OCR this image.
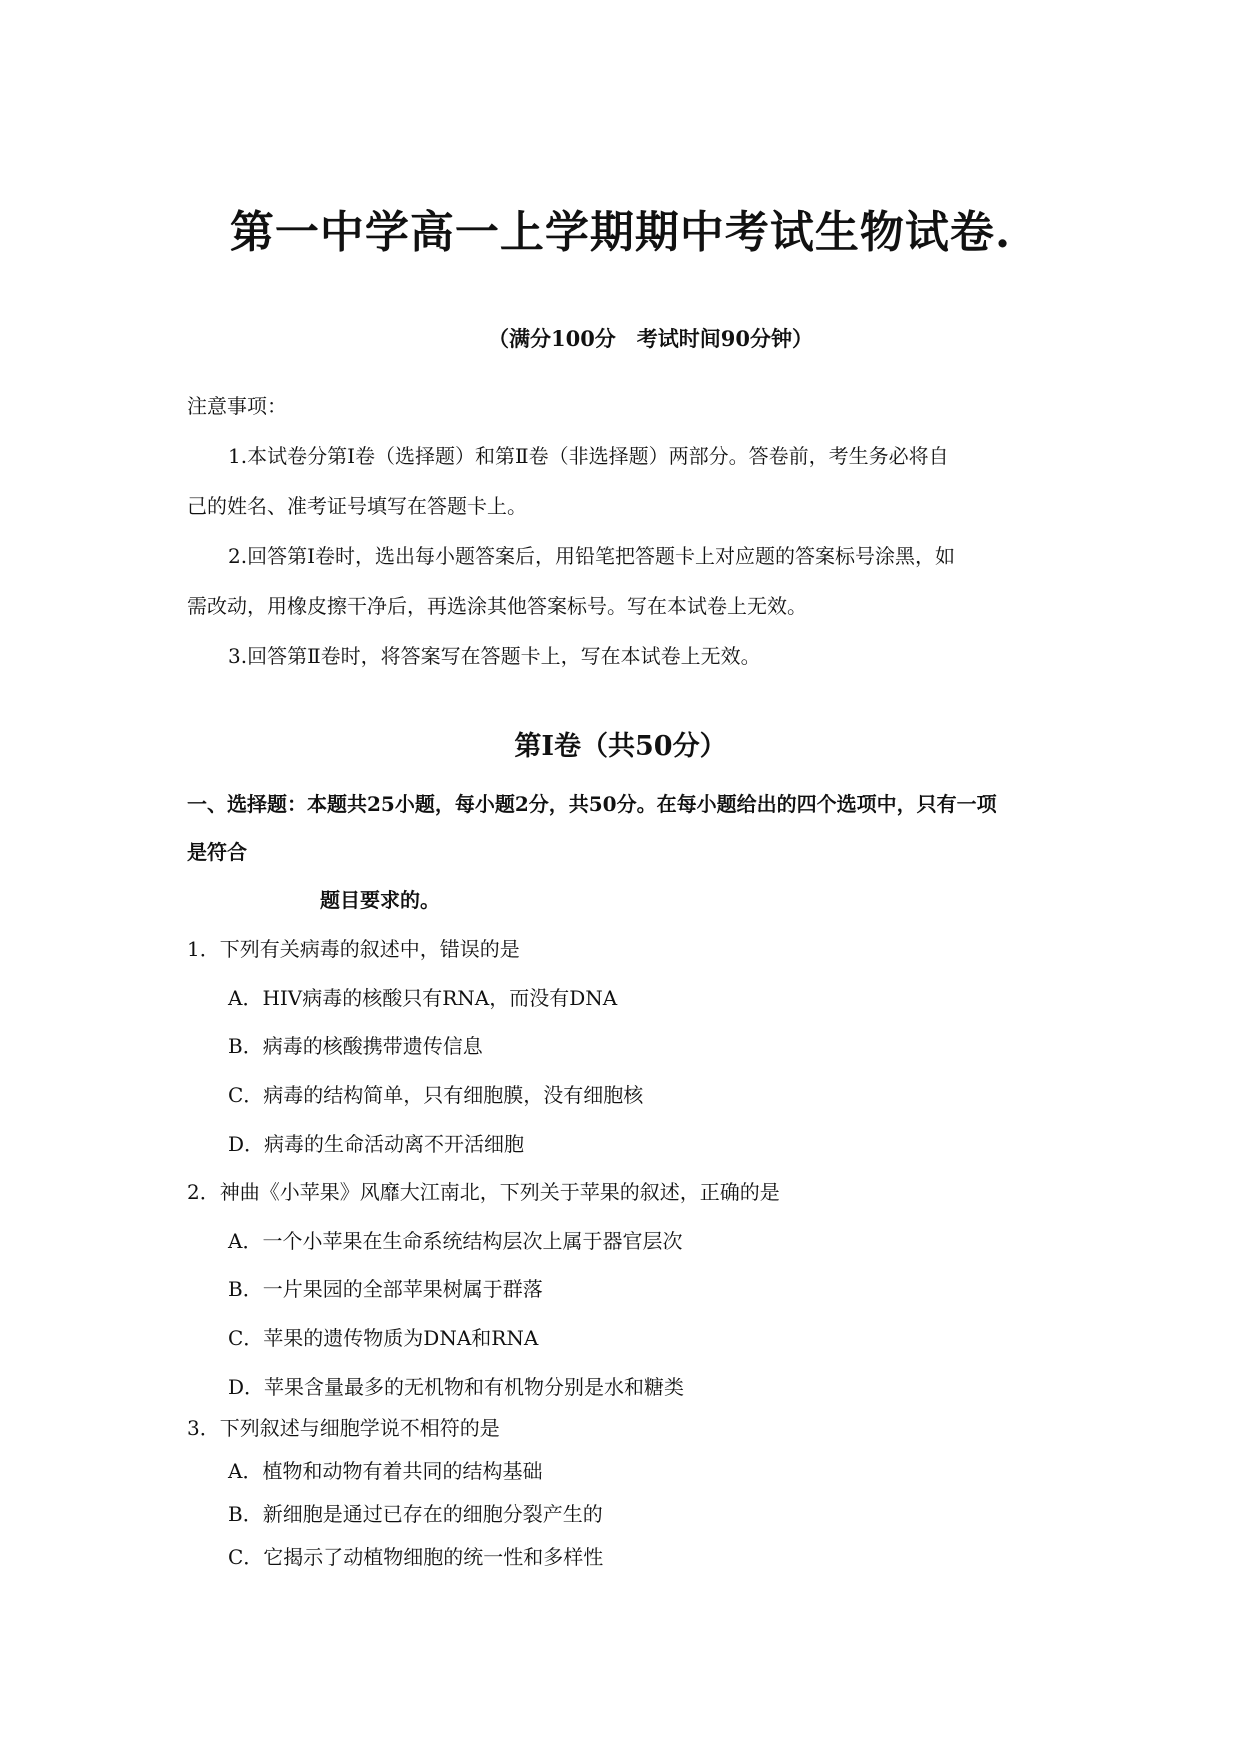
第一中学高一上学期期中考试生物试卷.
（满分100分　考试时间90分钟）
注意事项：
1.本试卷分第Ⅰ卷（选择题）和第Ⅱ卷（非选择题）两部分。答卷前，考生务必将自
己的姓名、准考证号填写在答题卡上。
2.回答第Ⅰ卷时，选出每小题答案后，用铅笔把答题卡上对应题的答案标号涂黑，如
需改动，用橡皮擦干净后，再选涂其他答案标号。写在本试卷上无效。
3.回答第Ⅱ卷时，将答案写在答题卡上，写在本试卷上无效。
第Ⅰ卷（共50分）
一、选择题：本题共25小题，每小题2分，共50分。在每小题给出的四个选项中，只有一项
是符合
题目要求的。
1．下列有关病毒的叙述中，错误的是
A．HIV病毒的核酸只有RNA，而没有DNA
B．病毒的核酸携带遗传信息
C．病毒的结构简单，只有细胞膜，没有细胞核
D．病毒的生命活动离不开活细胞
2．神曲《小苹果》风靡大江南北，下列关于苹果的叙述，正确的是
A．一个小苹果在生命系统结构层次上属于器官层次
B．一片果园的全部苹果树属于群落
C．苹果的遗传物质为DNA和RNA
D．苹果含量最多的无机物和有机物分别是水和糖类
3．下列叙述与细胞学说不相符的是
A．植物和动物有着共同的结构基础
B．新细胞是通过已存在的细胞分裂产生的
C．它揭示了动植物细胞的统一性和多样性
